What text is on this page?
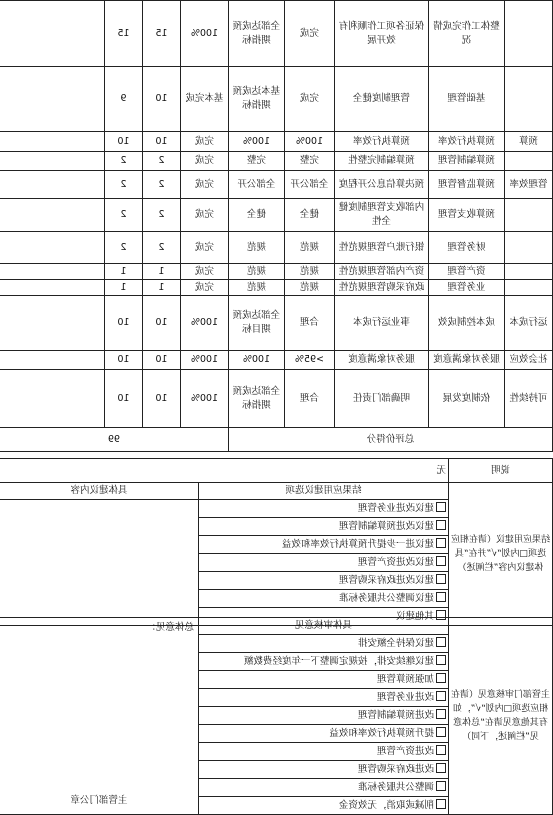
	整体工作完成情况	保证各项工作顺利有效开展	完成	全部达成预期指标	100%	15	15	
	基础管理	管理制度健全	完成	基本达成预期指标	基本完成	10	9	
预算	预算执行效率	预算执行效率	100%	100%	完成	10	10	
	预算编制管理	预算编制完整性	完整	完整	完成	2	2	
管理效率	预算监督管理	预决算信息公开程度	全部公开	全部公开	完成	2	2	
	预算收支管理	内部收支管理制度健全性	健全	健全	完成	2	2	
	财务管理	银行账户管理规范性	规范	规范	完成	2	2	
	资产管理	资产内部管理规范性	规范	规范	完成	1	1	
	业务管理	政府采购管理规范性	规范	规范	完成	1	1	
运行成本	成本控制成效	事业运行成本	合理	全部达成预期目标	100%	10	10	
社会效应	服务对象满意度	服务对象满意度	>95%	100%	100%	10	10	
可持续性	依制度发展	明确部门责任	合理	全部达成预期指标	100%	10	10	
总评价得分					99			
说明	无
结果应用建议（请在相应选项□内划“√”并在“具体建议内容”栏阐述）	
结果应用建议选项
建议改进业务管理
建议改进预算编制管理
建议进一步提升预算执行效率和效益
建议改进资产管理
建议改进政府采购管理
建议调整公共服务标准
其他建议

具体建议内容
主管部门审核意见（请在相应选项□内划“√”，如有其他意见请在“总体意见”栏阐述，下同）	
具体审核意见
建议保持全额安排
建议继续安排，按规定调整下一年度经费数额
加强预算管理
改进业务管理
改进预算编制管理
提升预算执行效率和效益
改进资产管理
改进政府采购管理
调整公共服务标准
削减或取消，无效资金

总体意见：
主管部门公章
